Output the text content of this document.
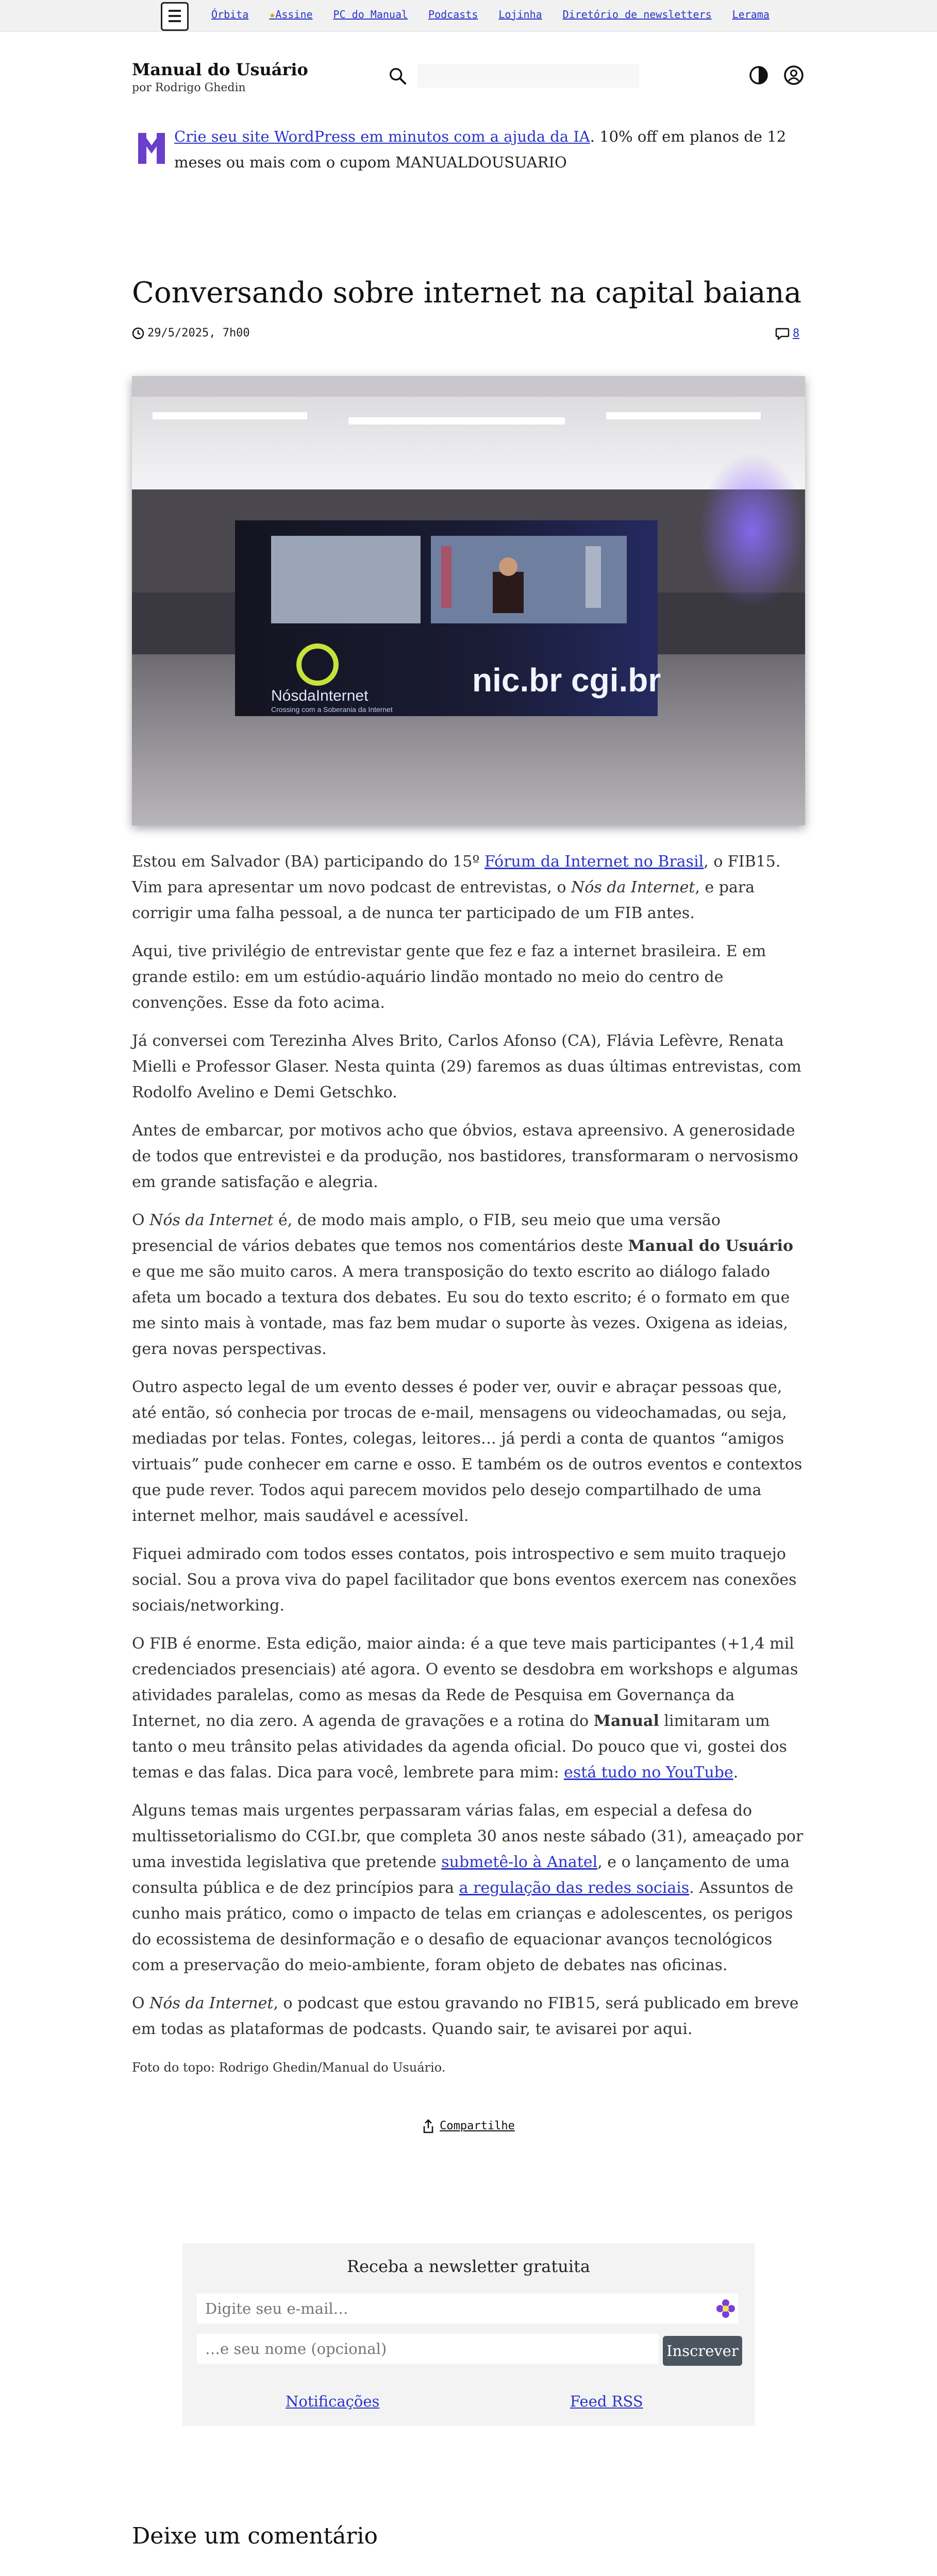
Órbita ★Assine PC do Manual Podcasts Lojinha Diretório de newsletters Lerama
Manual do Usuário
por Rodrigo Ghedin
Crie seu site WordPress em minutos com a ajuda da IA. 10% off em planos de 12 meses ou mais com o cupom MANUALDOUSUARIO
Conversando sobre internet na capital baiana
29/5/2025, 7h00	8
NósdaInternet
Crossing com a Soberania da Internet
nic.br cgi.br

Estou em Salvador (BA) participando do 15º Fórum da Internet no Brasil, o FIB15. Vim para apresentar um novo podcast de entrevistas, o Nós da Internet, e para corrigir uma falha pessoal, a de nunca ter participado de um FIB antes.

Aqui, tive privilégio de entrevistar gente que fez e faz a internet brasileira. E em grande estilo: em um estúdio-aquário lindão montado no meio do centro de convenções. Esse da foto acima.

Já conversei com Terezinha Alves Brito, Carlos Afonso (CA), Flávia Lefèvre, Renata Mielli e Professor Glaser. Nesta quinta (29) faremos as duas últimas entrevistas, com Rodolfo Avelino e Demi Getschko.

Antes de embarcar, por motivos acho que óbvios, estava apreensivo. A generosidade de todos que entrevistei e da produção, nos bastidores, transformaram o nervosismo em grande satisfação e alegria.

O Nós da Internet é, de modo mais amplo, o FIB, seu meio que uma versão presencial de vários debates que temos nos comentários deste Manual do Usuário e que me são muito caros. A mera transposição do texto escrito ao diálogo falado afeta um bocado a textura dos debates. Eu sou do texto escrito; é o formato em que me sinto mais à vontade, mas faz bem mudar o suporte às vezes. Oxigena as ideias, gera novas perspectivas.

Outro aspecto legal de um evento desses é poder ver, ouvir e abraçar pessoas que, até então, só conhecia por trocas de e-mail, mensagens ou videochamadas, ou seja, mediadas por telas. Fontes, colegas, leitores… já perdi a conta de quantos “amigos virtuais” pude conhecer em carne e osso. E também os de outros eventos e contextos que pude rever. Todos aqui parecem movidos pelo desejo compartilhado de uma internet melhor, mais saudável e acessível.

Fiquei admirado com todos esses contatos, pois introspectivo e sem muito traquejo social. Sou a prova viva do papel facilitador que bons eventos exercem nas conexões sociais/networking.

O FIB é enorme. Esta edição, maior ainda: é a que teve mais participantes (+1,4 mil credenciados presenciais) até agora. O evento se desdobra em workshops e algumas atividades paralelas, como as mesas da Rede de Pesquisa em Governança da Internet, no dia zero. A agenda de gravações e a rotina do Manual limitaram um tanto o meu trânsito pelas atividades da agenda oficial. Do pouco que vi, gostei dos temas e das falas. Dica para você, lembrete para mim: está tudo no YouTube.

Alguns temas mais urgentes perpassaram várias falas, em especial a defesa do multissetorialismo do CGI.br, que completa 30 anos neste sábado (31), ameaçado por uma investida legislativa que pretende submetê-lo à Anatel, e o lançamento de uma consulta pública e de dez princípios para a regulação das redes sociais. Assuntos de cunho mais prático, como o impacto de telas em crianças e adolescentes, os perigos do ecossistema de desinformação e o desafio de equacionar avanços tecnológicos com a preservação do meio-ambiente, foram objeto de debates nas oficinas.

O Nós da Internet, o podcast que estou gravando no FIB15, será publicado em breve em todas as plataformas de podcasts. Quando sair, te avisarei por aqui.

Foto do topo: Rodrigo Ghedin/Manual do Usuário.

Compartilhe
Receba a newsletter gratuita
Digite seu e-mail…
…e seu nome (opcional)
Inscrever
Notificações	Feed RSS
Deixe um comentário
